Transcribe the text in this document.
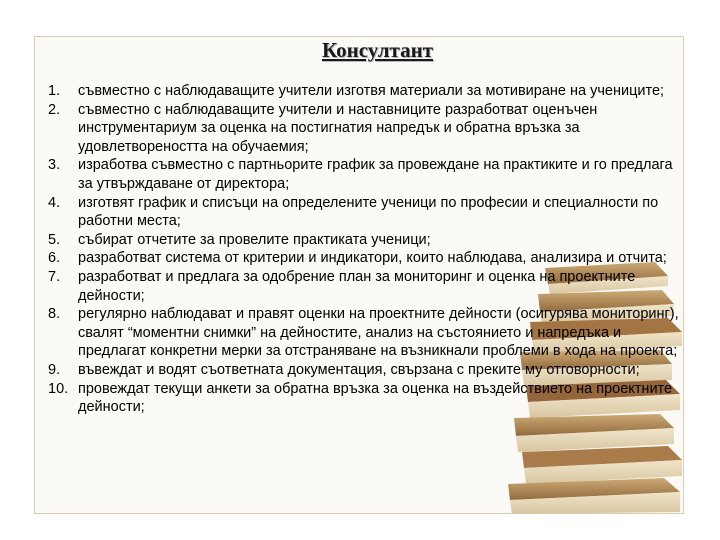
Консултант
1. съвместно с наблюдаващите учители изготвя материали за мотивиране на учениците;
2. съвместно с наблюдаващите учители и наставниците разработват оценъчен инструментариум за оценка на постигнатия напредък и обратна връзка за удовлетвореността на обучаемия;
3. изработва съвместно с партньорите график за провеждане на практиките и го предлага за утвърждаване от директора;
4. изготвят график и списъци на определените ученици по професии и специалности по работни места;
5. събират отчетите за провелите практиката ученици;
6. разработват система от критерии и индикатори, които наблюдава, анализира и отчита;
7. разработват и предлага за одобрение план за мониторинг и оценка на проектните дейности;
8. регулярно наблюдават и правят оценки на проектните дейности (осигурява мониторинг), свалят “моментни снимки” на дейностите, анализ на състоянието и напредъка и предлагат конкретни мерки за отстраняване на възникнали проблеми в хода на проекта;
9. въвеждат и водят съответната документация, свързана с преките му отговорности;
10. провеждат текущи анкети за обратна връзка за оценка на въздействието на проектните дейности;
